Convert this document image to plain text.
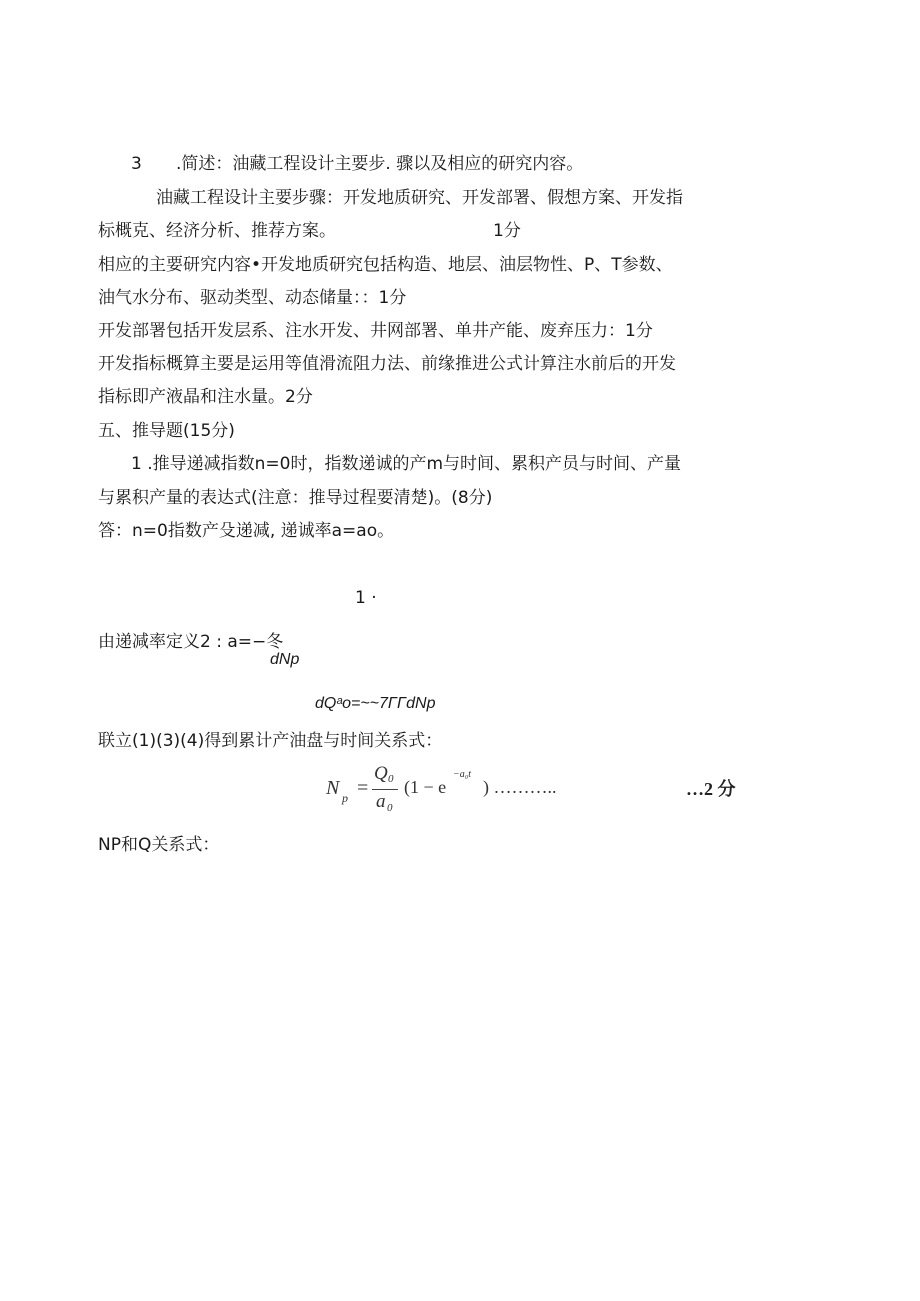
3 .简述：油藏工程设计主要步. 骤以及相应的研究内容。
油藏工程设计主要步骤：开发地质研究、开发部署、假想方案、开发指
标概克、经济分析、推荐方案。	1分
相应的主要研究内容•开发地质研究包括构造、地层、油层物性、P、T参数、
油气水分布、驱动类型、动态储量：：1分
开发部署包括开发层系、注水开发、井网部署、单井产能、废弃压力：1分
开发指标概算主要是运用等值滑流阻力法、前缘推进公式计算注水前后的开发
指标即产液晶和注水量。2分
五、推导题(15分)
1 .推导递减指数n=0时，指数递诚的产m与时间、累积产员与时间、产量
与累积产量的表达式(注意：推导过程要清楚)。(8分)
答：n=0指数产殳递减, 递诚率a=ao。
1 ·
由递减率定义2 : a=−冬
dNp
dQᵃo=~~7ΓΓdNp
联立(1)(3)(4)得到累计产油盘与时间关系式：
N p =
Q 0
a 0
(1 − e
−a₀t
) ………..	…2 分
NP和Q关系式：
